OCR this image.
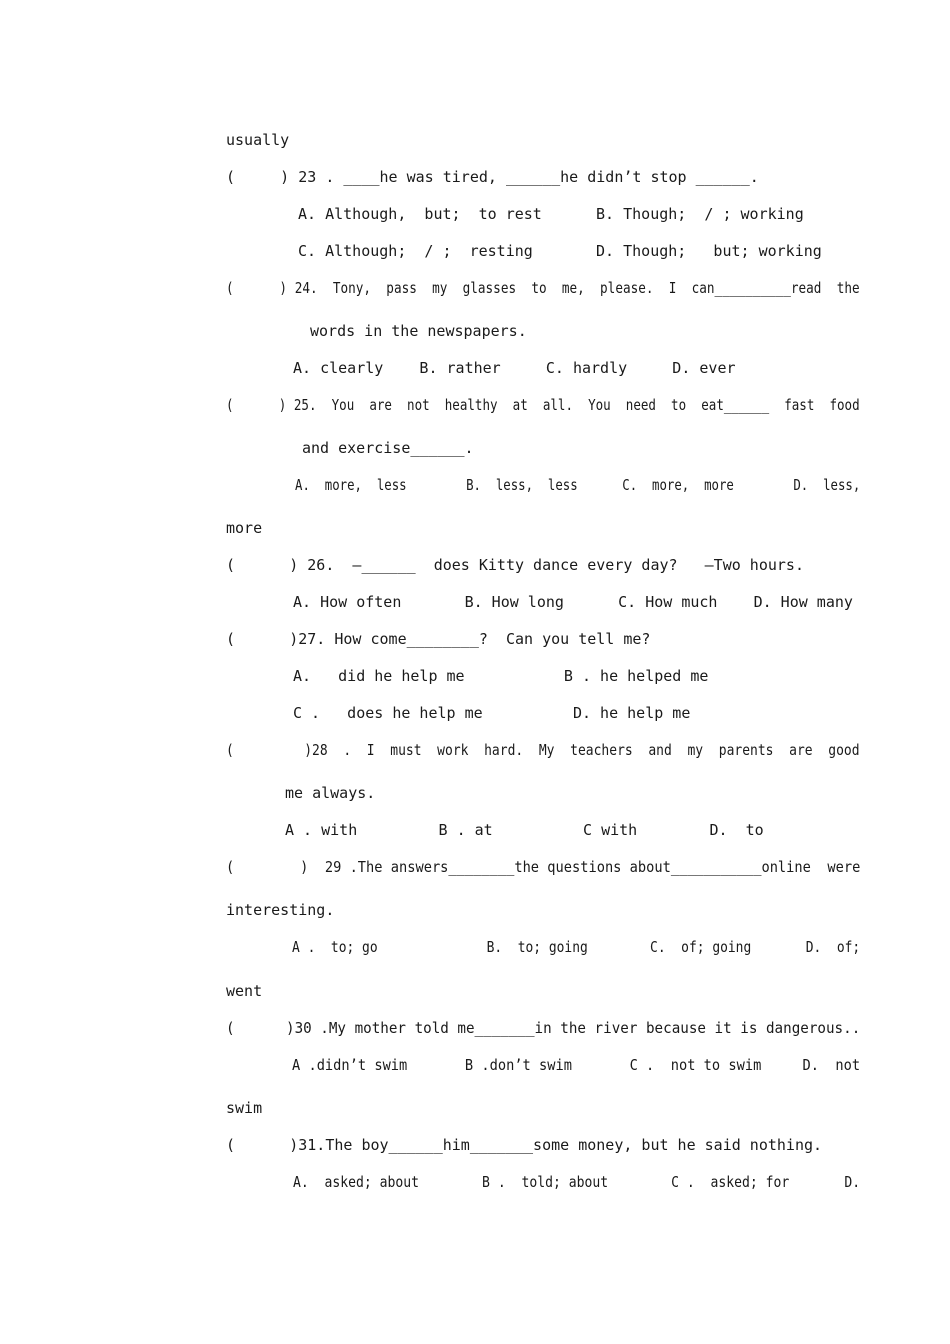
usually
(     ) 23 . ____he was tired, ______he didn’t stop ______.
A. Although,  but;  to rest      B. Though;  / ; working
C. Although;  / ;  resting       D. Though;   but; working
(      ) 24.  Tony,  pass  my  glasses  to  me,  please.  I  can__________read  the
words in the newspapers.
A. clearly    B. rather     C. hardly     D. ever
(      ) 25.  You  are  not  healthy  at  all.  You  need  to  eat______  fast  food
and exercise______.
A.  more,  less        B.  less,  less      C.  more,  more        D.  less,
more
(      ) 26.  —______  does Kitty dance every day?   —Two hours.
A. How often       B. How long      C. How much    D. How many
(      )27. How come________?  Can you tell me?
A.   did he help me           B . he helped me
C .   does he help me          D. he help me
(         )28  .  I  must  work  hard.  My  teachers  and  my  parents  are  good
me always.
A . with         B . at          C with        D.  to
(        )  29 .The answers________the questions about___________online  were
interesting.
A .  to; go              B.  to; going        C.  of; going       D.  of;
went
(      )30 .My mother told me_______in the river because it is dangerous..
A .didn’t swim       B .don’t swim       C .  not to swim     D.  not
swim
(      )31.The boy______him_______some money, but he said nothing.
A.  asked; about        B .  told; about        C .  asked; for       D.
